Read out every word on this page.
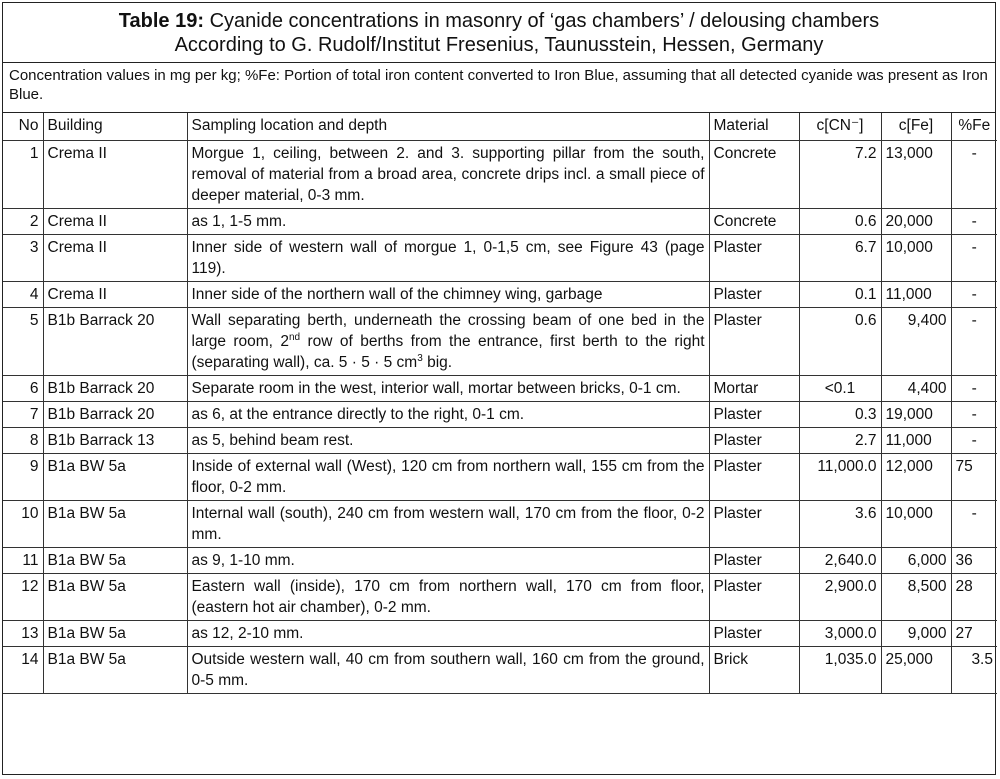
Table 19: Cyanide concentrations in masonry of ‘gas chambers’ / delousing chambers
According to G. Rudolf/Institut Fresenius, Taunusstein, Hessen, Germany
Concentration values in mg per kg; %Fe: Portion of total iron content converted to Iron Blue, assuming that all detected cyanide was present as Iron Blue.
No	Building	Sampling location and depth	Material	c[CN⁻]	c[Fe]	%Fe
1	Crema II	Morgue 1, ceiling, between 2. and 3. supporting pillar from the south, removal of material from a broad area, concrete drips incl. a small piece of deeper material, 0-3 mm.	Concrete	7.2	13,000	-
2	Crema II	as 1, 1-5 mm.	Concrete	0.6	20,000	-
3	Crema II	Inner side of western wall of morgue 1, 0-1,5 cm, see Figure 43 (page 119).	Plaster	6.7	10,000	-
4	Crema II	Inner side of the northern wall of the chimney wing, garbage	Plaster	0.1	11,000	-
5	B1b Barrack 20	Wall separating berth, underneath the crossing beam of one bed in the large room, 2nd row of berths from the entrance, first berth to the right (separating wall), ca. 5 · 5 · 5 $cm^3$ big.	Plaster	0.6	9,400	-
6	B1b Barrack 20	Separate room in the west, interior wall, mortar between bricks, 0-1 cm.	Mortar	<0.1	4,400	-
7	B1b Barrack 20	as 6, at the entrance directly to the right, 0-1 cm.	Plaster	0.3	19,000	-
8	B1b Barrack 13	as 5, behind beam rest.	Plaster	2.7	11,000	-
9	B1a BW 5a	Inside of external wall (West), 120 cm from northern wall, 155 cm from the floor, 0-2 mm.	Plaster	11,000.0	12,000	75
10	B1a BW 5a	Internal wall (south), 240 cm from western wall, 170 cm from the floor, 0-2 mm.	Plaster	3.6	10,000	-
11	B1a BW 5a	as 9, 1-10 mm.	Plaster	2,640.0	6,000	36
12	B1a BW 5a	Eastern wall (inside), 170 cm from northern wall, 170 cm from floor, (eastern hot air chamber), 0-2 mm.	Plaster	2,900.0	8,500	28
13	B1a BW 5a	as 12, 2-10 mm.	Plaster	3,000.0	9,000	27
14	B1a BW 5a	Outside western wall, 40 cm from southern wall, 160 cm from the ground, 0-5 mm.	Brick	1,035.0	25,000	3.5
